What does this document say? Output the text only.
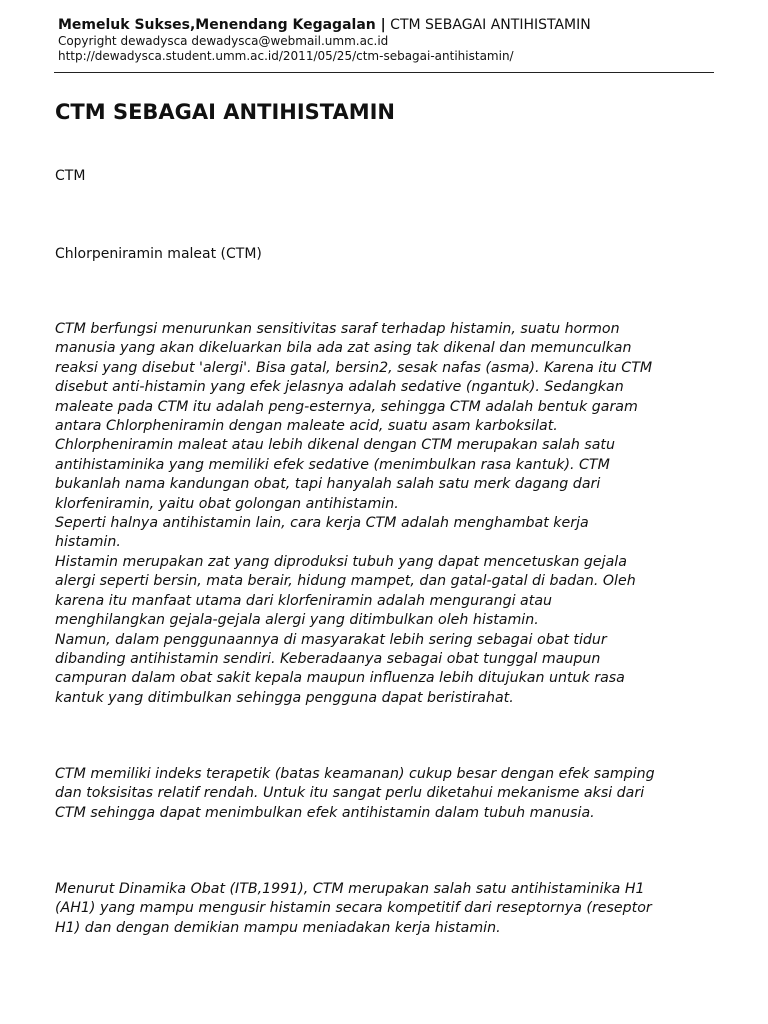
Memeluk Sukses,Menendang Kegagalan | CTM SEBAGAI ANTIHISTAMIN
Copyright dewadysca dewadysca@webmail.umm.ac.id
http://dewadysca.student.umm.ac.id/2011/05/25/ctm-sebagai-antihistamin/
CTM SEBAGAI ANTIHISTAMIN
CTM
Chlorpeniramin maleat (CTM)
CTM berfungsi menurunkan sensitivitas saraf terhadap histamin, suatu hormon
manusia yang akan dikeluarkan bila ada zat asing tak dikenal dan memunculkan
reaksi yang disebut 'alergi'. Bisa gatal, bersin2, sesak nafas (asma). Karena itu CTM
disebut anti-histamin yang efek jelasnya adalah sedative (ngantuk). Sedangkan
maleate pada CTM itu adalah peng-esternya, sehingga CTM adalah bentuk garam
antara Chlorpheniramin dengan maleate acid, suatu asam karboksilat.
Chlorpheniramin maleat atau lebih dikenal dengan CTM merupakan salah satu
antihistaminika yang memiliki efek sedative (menimbulkan rasa kantuk). CTM
bukanlah nama kandungan obat, tapi hanyalah salah satu merk dagang dari
klorfeniramin, yaitu obat golongan antihistamin.
Seperti halnya antihistamin lain, cara kerja CTM adalah menghambat kerja
histamin.
Histamin merupakan zat yang diproduksi tubuh yang dapat mencetuskan gejala
alergi seperti bersin, mata berair, hidung mampet, dan gatal-gatal di badan. Oleh
karena itu manfaat utama dari klorfeniramin adalah mengurangi atau
menghilangkan gejala-gejala alergi yang ditimbulkan oleh histamin.
Namun, dalam penggunaannya di masyarakat lebih sering sebagai obat tidur
dibanding antihistamin sendiri. Keberadaanya sebagai obat tunggal maupun
campuran dalam obat sakit kepala maupun influenza lebih ditujukan untuk rasa
kantuk yang ditimbulkan sehingga pengguna dapat beristirahat.
CTM memiliki indeks terapetik (batas keamanan) cukup besar dengan efek samping
dan toksisitas relatif rendah. Untuk itu sangat perlu diketahui mekanisme aksi dari
CTM sehingga dapat menimbulkan efek antihistamin dalam tubuh manusia.
Menurut Dinamika Obat (ITB,1991), CTM merupakan salah satu antihistaminika H1
(AH1) yang mampu mengusir histamin secara kompetitif dari reseptornya (reseptor
H1) dan dengan demikian mampu meniadakan kerja histamin.
